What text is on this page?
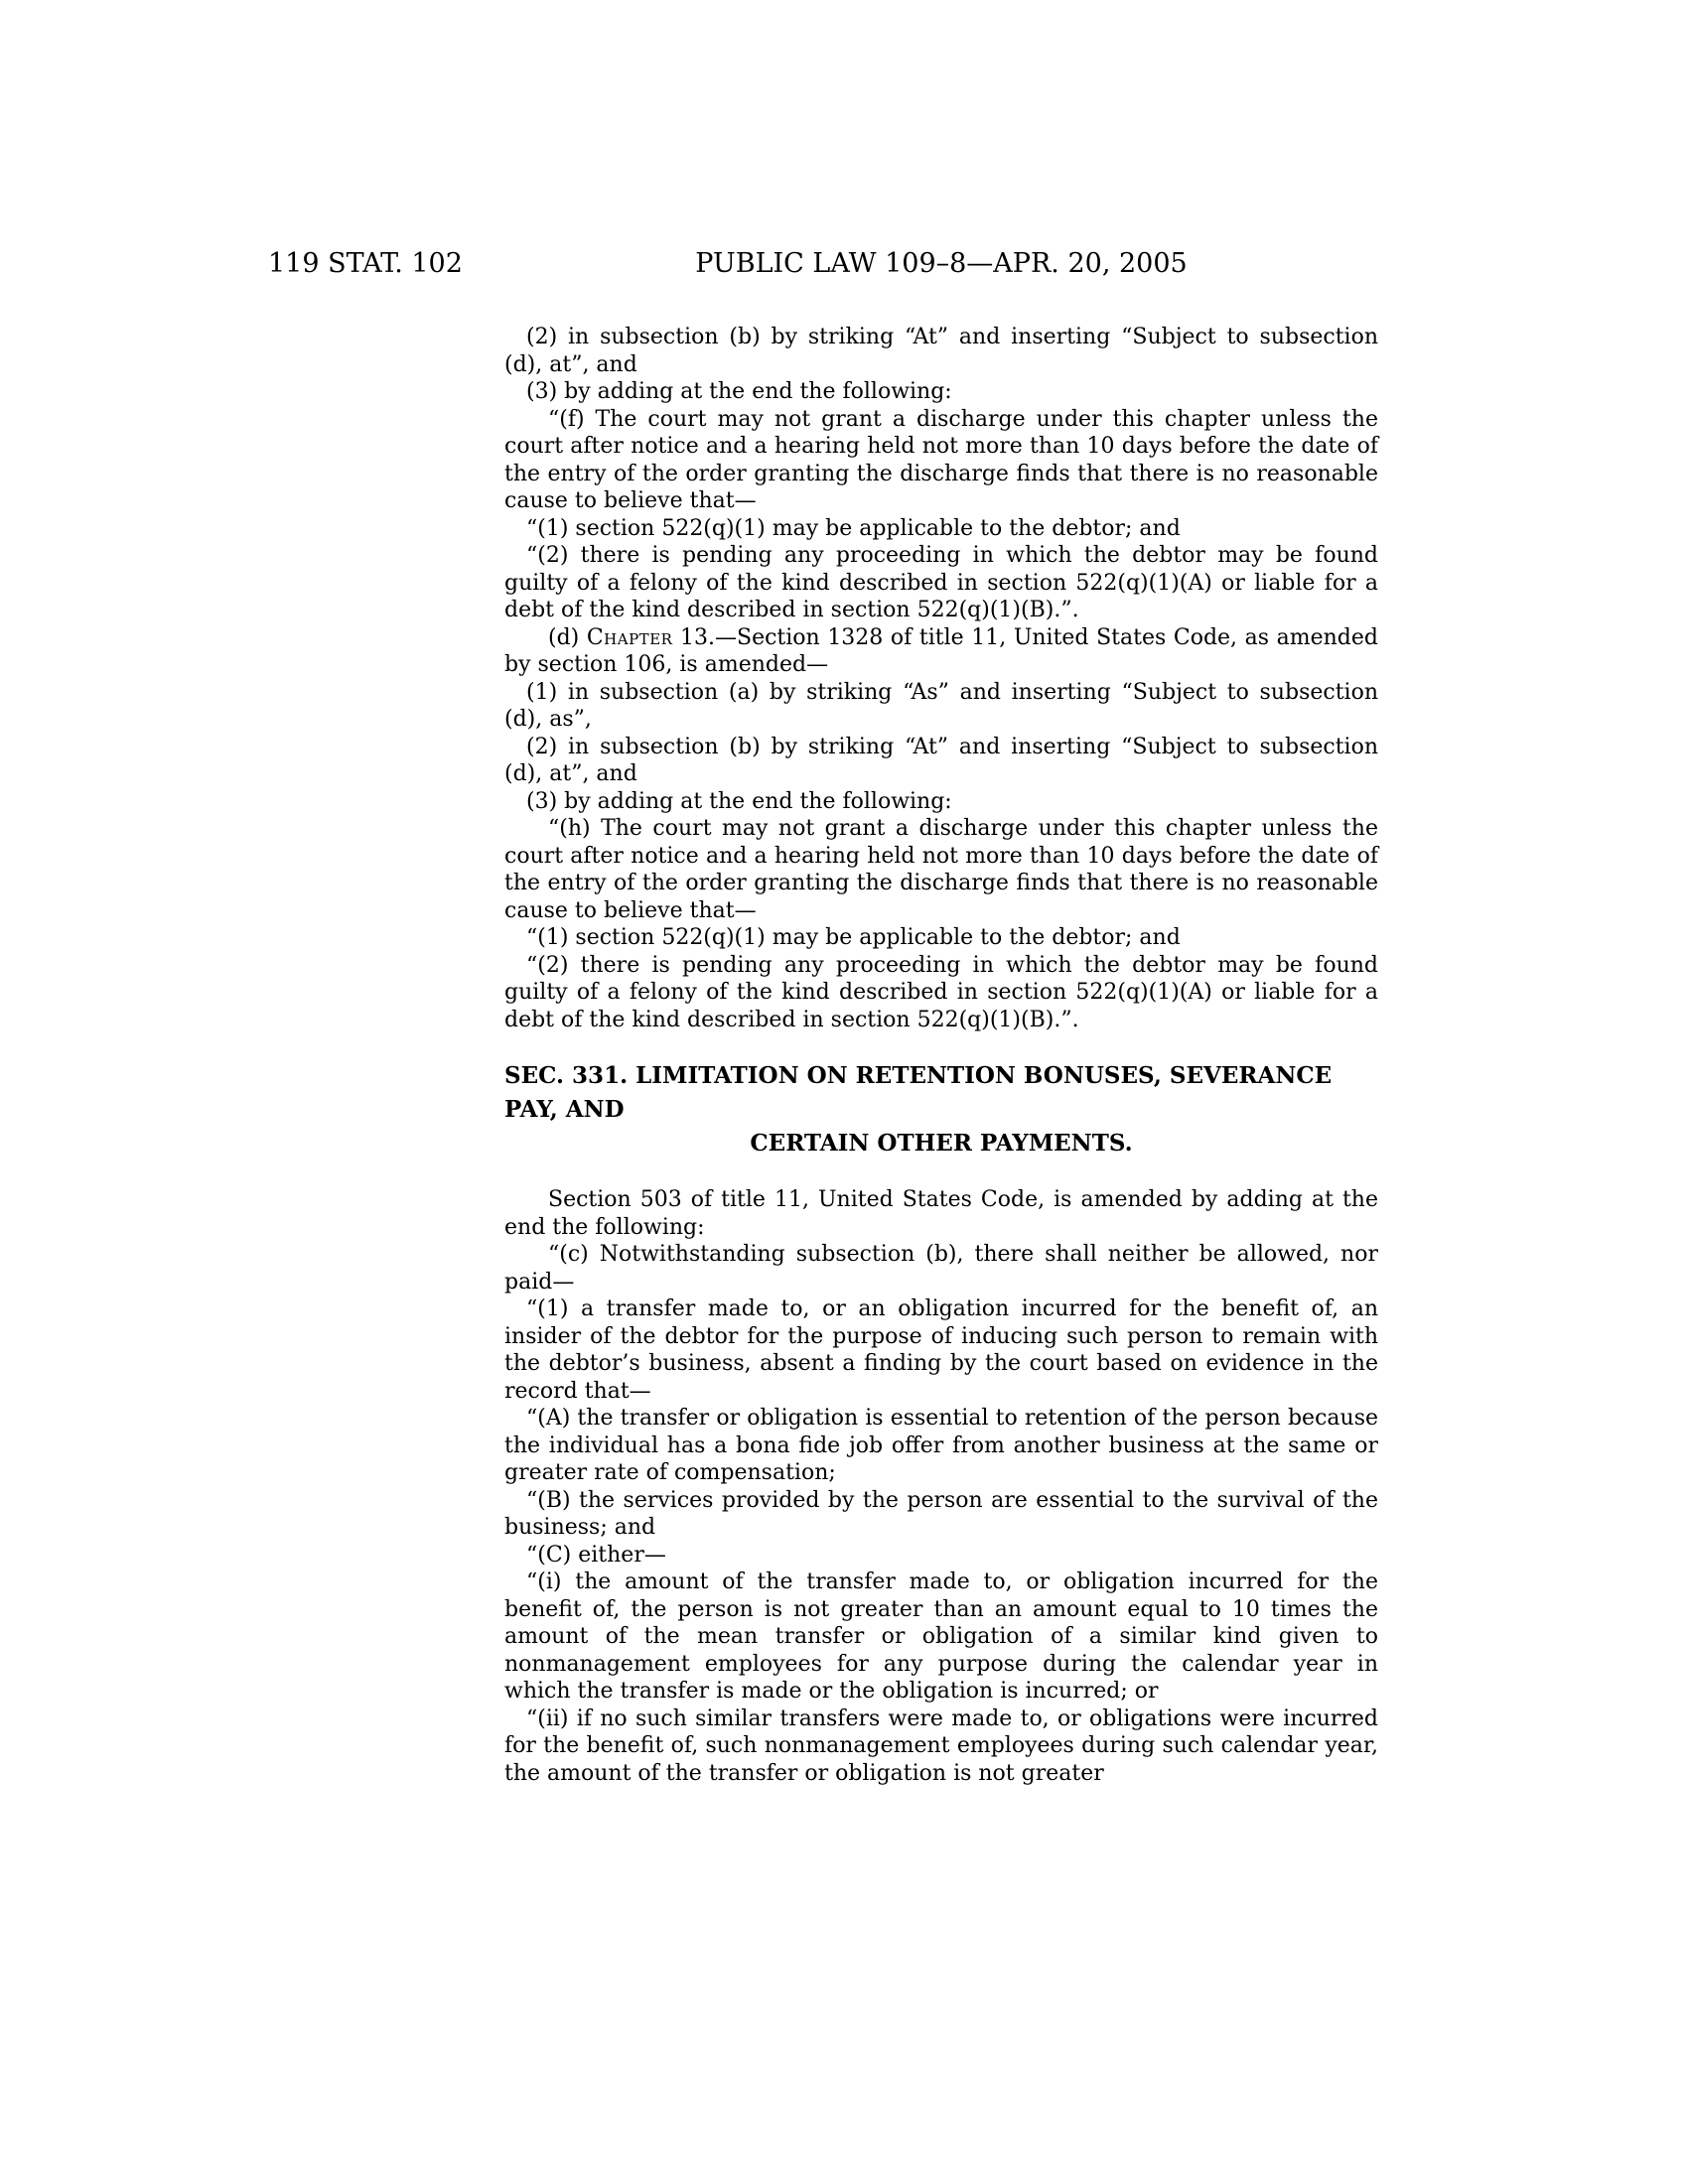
119 STAT. 102	PUBLIC LAW 109–8—APR. 20, 2005

(2) in subsection (b) by striking “At” and inserting “Subject to subsection (d), at”, and

(3) by adding at the end the following:

“(f) The court may not grant a discharge under this chapter unless the court after notice and a hearing held not more than 10 days before the date of the entry of the order granting the discharge finds that there is no reasonable cause to believe that—

“(1) section 522(q)(1) may be applicable to the debtor; and

“(2) there is pending any proceeding in which the debtor may be found guilty of a felony of the kind described in section 522(q)(1)(A) or liable for a debt of the kind described in section 522(q)(1)(B).”.

(d) Chapter 13.—Section 1328 of title 11, United States Code, as amended by section 106, is amended—

(1) in subsection (a) by striking “As” and inserting “Subject to subsection (d), as”,

(2) in subsection (b) by striking “At” and inserting “Subject to subsection (d), at”, and

(3) by adding at the end the following:

“(h) The court may not grant a discharge under this chapter unless the court after notice and a hearing held not more than 10 days before the date of the entry of the order granting the discharge finds that there is no reasonable cause to believe that—

“(1) section 522(q)(1) may be applicable to the debtor; and

“(2) there is pending any proceeding in which the debtor may be found guilty of a felony of the kind described in section 522(q)(1)(A) or liable for a debt of the kind described in section 522(q)(1)(B).”.

SEC. 331. LIMITATION ON RETENTION BONUSES, SEVERANCE PAY, AND
CERTAIN OTHER PAYMENTS.

Section 503 of title 11, United States Code, is amended by adding at the end the following:

“(c) Notwithstanding subsection (b), there shall neither be allowed, nor paid—

“(1) a transfer made to, or an obligation incurred for the benefit of, an insider of the debtor for the purpose of inducing such person to remain with the debtor’s business, absent a finding by the court based on evidence in the record that—

“(A) the transfer or obligation is essential to retention of the person because the individual has a bona fide job offer from another business at the same or greater rate of compensation;

“(B) the services provided by the person are essential to the survival of the business; and

“(C) either—

“(i) the amount of the transfer made to, or obligation incurred for the benefit of, the person is not greater than an amount equal to 10 times the amount of the mean transfer or obligation of a similar kind given to nonmanagement employees for any purpose during the calendar year in which the transfer is made or the obligation is incurred; or

“(ii) if no such similar transfers were made to, or obligations were incurred for the benefit of, such nonmanagement employees during such calendar year, the amount of the transfer or obligation is not greater
